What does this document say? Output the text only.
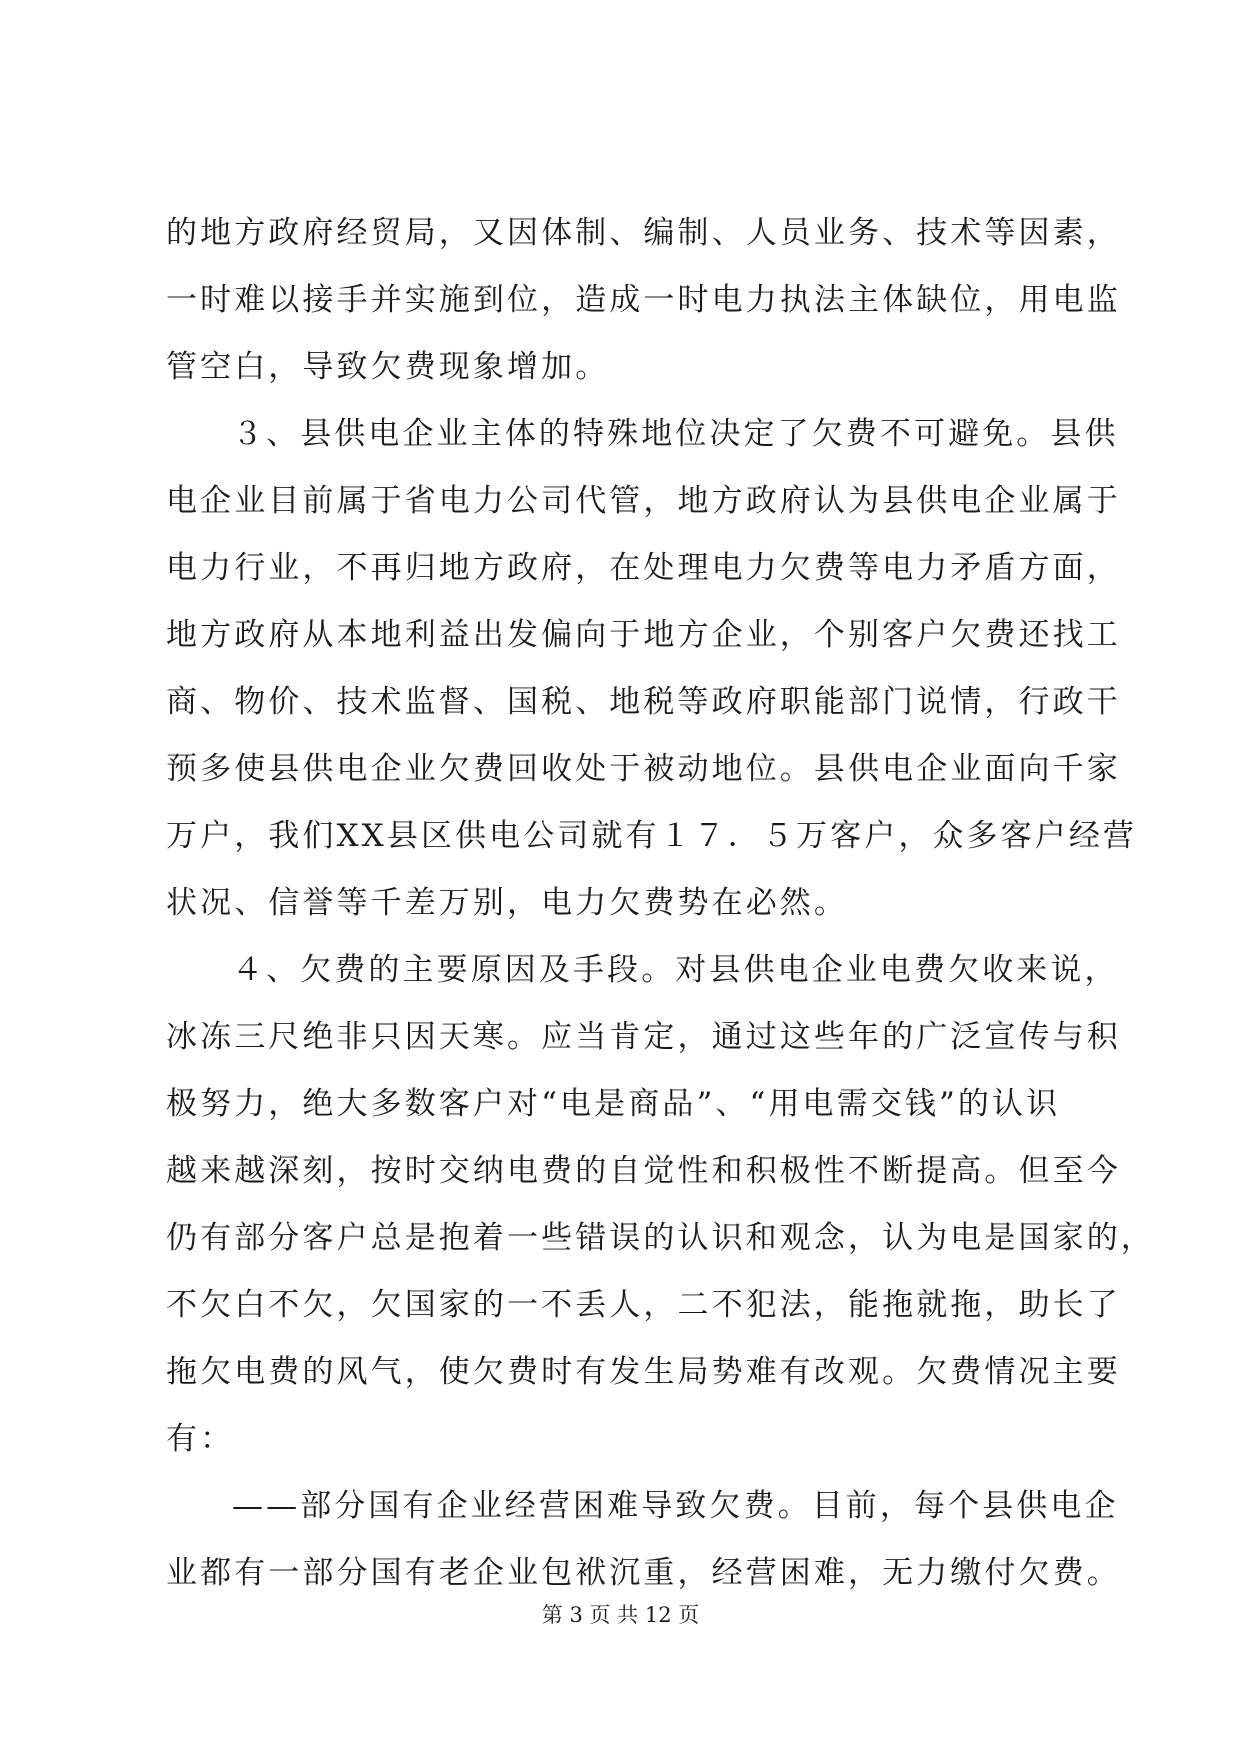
的地方政府经贸局，又因体制、编制、人员业务、技术等因素，
一时难以接手并实施到位，造成一时电力执法主体缺位，用电监
管空白，导致欠费现象增加。
３、县供电企业主体的特殊地位决定了欠费不可避免。县供
电企业目前属于省电力公司代管，地方政府认为县供电企业属于
电力行业，不再归地方政府，在处理电力欠费等电力矛盾方面，
地方政府从本地利益出发偏向于地方企业，个别客户欠费还找工
商、物价、技术监督、国税、地税等政府职能部门说情，行政干
预多使县供电企业欠费回收处于被动地位。县供电企业面向千家
万户，我们XX县区供电公司就有１７．５万客户，众多客户经营
状况、信誉等千差万别，电力欠费势在必然。
４、欠费的主要原因及手段。对县供电企业电费欠收来说，
冰冻三尺绝非只因天寒。应当肯定，通过这些年的广泛宣传与积
极努力，绝大多数客户对“电是商品”、“用电需交钱”的认识
越来越深刻，按时交纳电费的自觉性和积极性不断提高。但至今
仍有部分客户总是抱着一些错误的认识和观念，认为电是国家的，
不欠白不欠，欠国家的一不丢人，二不犯法，能拖就拖，助长了
拖欠电费的风气，使欠费时有发生局势难有改观。欠费情况主要
有：
——部分国有企业经营困难导致欠费。目前，每个县供电企
业都有一部分国有老企业包袱沉重，经营困难，无力缴付欠费。
第 3 页 共 12 页
